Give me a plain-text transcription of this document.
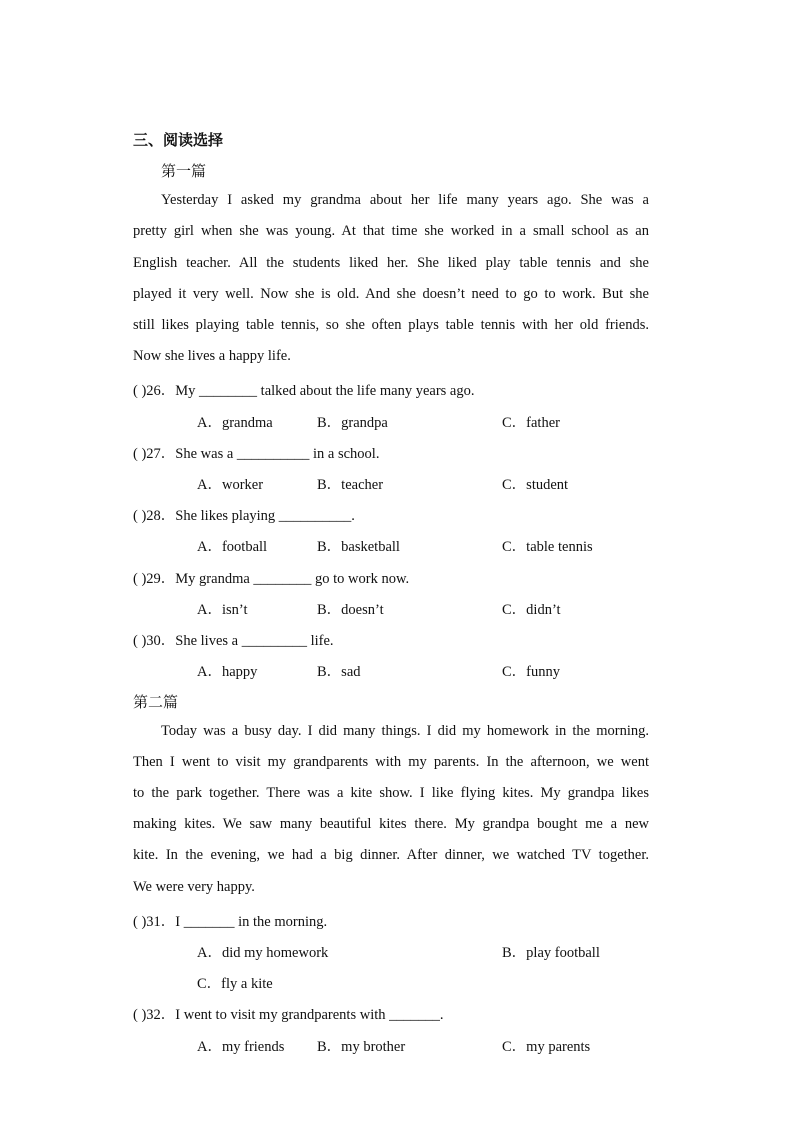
三、阅读选择
第一篇
Yesterday I asked my grandma about her life many years ago. She was a
pretty girl when she was young. At that time she worked in a small school as an
English teacher. All the students liked her. She liked play table tennis and she
played it very well. Now she is old. And she doesn’t need to go to work. But she
still likes playing table tennis, so she often plays table tennis with her old friends.
Now she lives a happy life.
( )26．My ________ talked about the life many years ago.
A．grandma	B．grandpa	C．father
( )27．She was a __________ in a school.
A．worker	B．teacher	C．student
( )28．She likes playing __________.
A．football	B．basketball	C．table tennis
( )29．My grandma ________ go to work now.
A．isn’t	B．doesn’t	C．didn’t
( )30．She lives a _________ life.
A．happy	B．sad	C．funny
第二篇
Today was a busy day. I did many things. I did my homework in the morning.
Then I went to visit my grandparents with my parents. In the afternoon, we went
to the park together. There was a kite show. I like flying kites. My grandpa likes
making kites. We saw many beautiful kites there. My grandpa bought me a new
kite. In the evening, we had a big dinner. After dinner, we watched TV together.
We were very happy.
( )31．I _______ in the morning.
A．did my homework	B．play football
C．fly a kite
( )32．I went to visit my grandparents with _______.
A．my friends B．my brother	C．my parents
